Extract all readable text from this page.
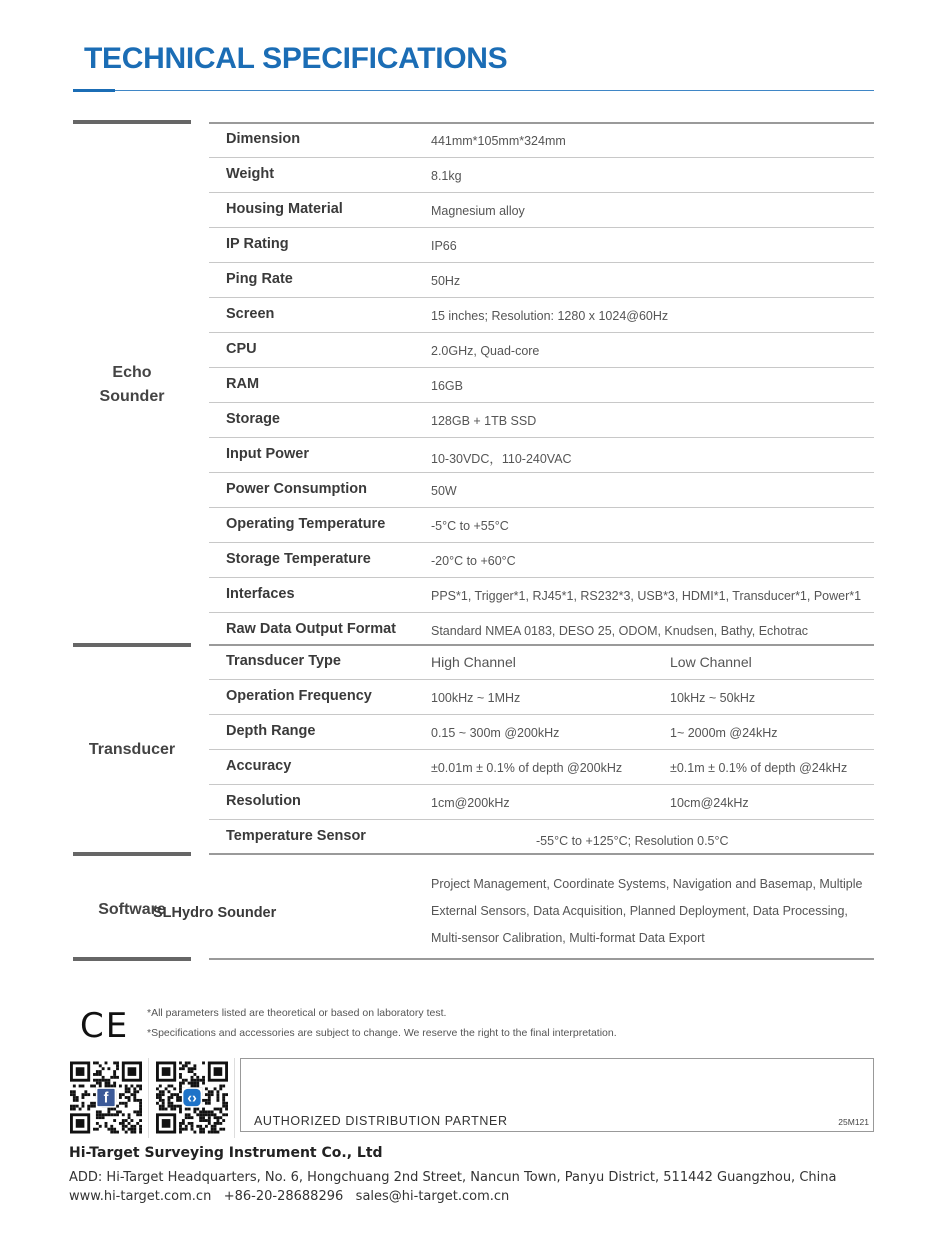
TECHNICAL SPECIFICATIONS
Echo
Sounder
Dimension	441mm*105mm*324mm
Weight	8.1kg
Housing Material	Magnesium alloy
IP Rating	IP66
Ping Rate	50Hz
Screen	15 inches; Resolution: 1280 x 1024@60Hz
CPU	2.0GHz, Quad-core
RAM	16GB
Storage	128GB + 1TB SSD
Input Power	10-30VDC，110-240VAC
Power Consumption	50W
Operating Temperature	-5°C to +55°C
Storage Temperature	-20°C to +60°C
Interfaces	PPS*1, Trigger*1, RJ45*1, RS232*3, USB*3, HDMI*1, Transducer*1, Power*1
Raw Data Output Format	Standard NMEA 0183, DESO 25, ODOM, Knudsen, Bathy, Echotrac
Transducer
Transducer Type	High Channel	Low Channel
Operation Frequency	100kHz ~ 1MHz	10kHz ~ 50kHz
Depth Range	0.15 ~ 300m @200kHz	1~ 2000m @24kHz
Accuracy	±0.01m ± 0.1% of depth @200kHz	±0.1m ± 0.1% of depth @24kHz
Resolution	1cm@200kHz	10cm@24kHz
Temperature Sensor	-55°C to +125°C; Resolution 0.5°C
Software
SLHydro Sounder
Project Management, Coordinate Systems, Navigation and Basemap, Multiple External Sensors, Data Acquisition, Planned Deployment, Data Processing, Multi-sensor Calibration, Multi-format Data Export
CE *All parameters listed are theoretical or based on laboratory test.
*Specifications and accessories are subject to change. We reserve the right to the final interpretation.
f	‹›
AUTHORIZED DISTRIBUTION PARTNER	25M121
Hi-Target Surveying Instrument Co., Ltd
ADD: Hi-Target Headquarters, No. 6, Hongchuang 2nd Street, Nancun Town, Panyu District, 511442 Guangzhou, China
www.hi-target.com.cn +86-20-28688296 sales@hi-target.com.cn
